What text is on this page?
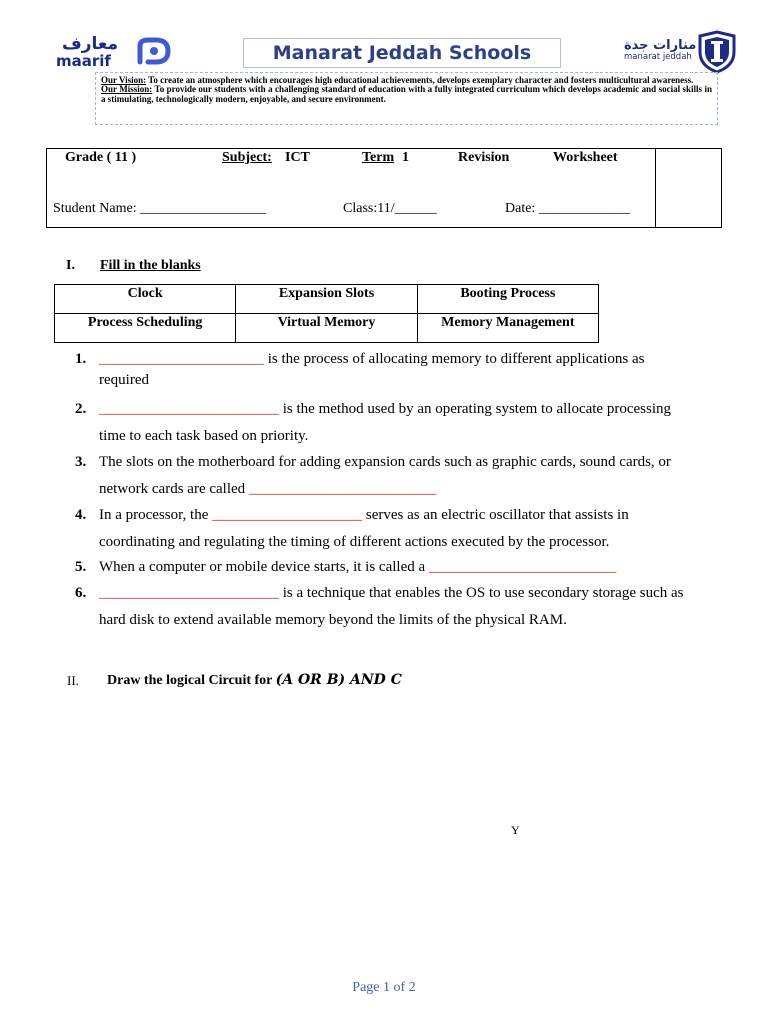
معارف
maarif	Manarat Jeddah Schools	منارات جدة
manarat jeddah

Our Vision: To create an atmosphere which encourages high educational achievements, develops exemplary character and fosters multicultural awareness.

Our Mission: To provide our students with a challenging standard of education with a fully integrated curriculum which develops academic and social skills in a stimulating, technologically modern, enjoyable, and secure environment.

Grade ( 11 )	Subject: ICT	Term 1	Revision	Worksheet
Student Name: __________________	Class:11/______	Date: _____________
I. Fill in the blanks
Clock	Expansion Slots	Booting Process
Process Scheduling	Virtual Memory	Memory Management
1. ______________________ is the process of allocating memory to different applications as required
2. ________________________ is the method used by an operating system to allocate processing time to each task based on priority.
3. The slots on the motherboard for adding expansion cards such as graphic cards, sound cards, or network cards are called _________________________
4. In a processor, the ____________________ serves as an electric oscillator that assists in coordinating and regulating the timing of different actions executed by the processor.
5. When a computer or mobile device starts, it is called a _________________________
6. ________________________ is a technique that enables the OS to use secondary storage such as hard disk to extend available memory beyond the limits of the physical RAM.
II. Draw the logical Circuit for (A OR B) AND C
Y
Page 1 of 2
